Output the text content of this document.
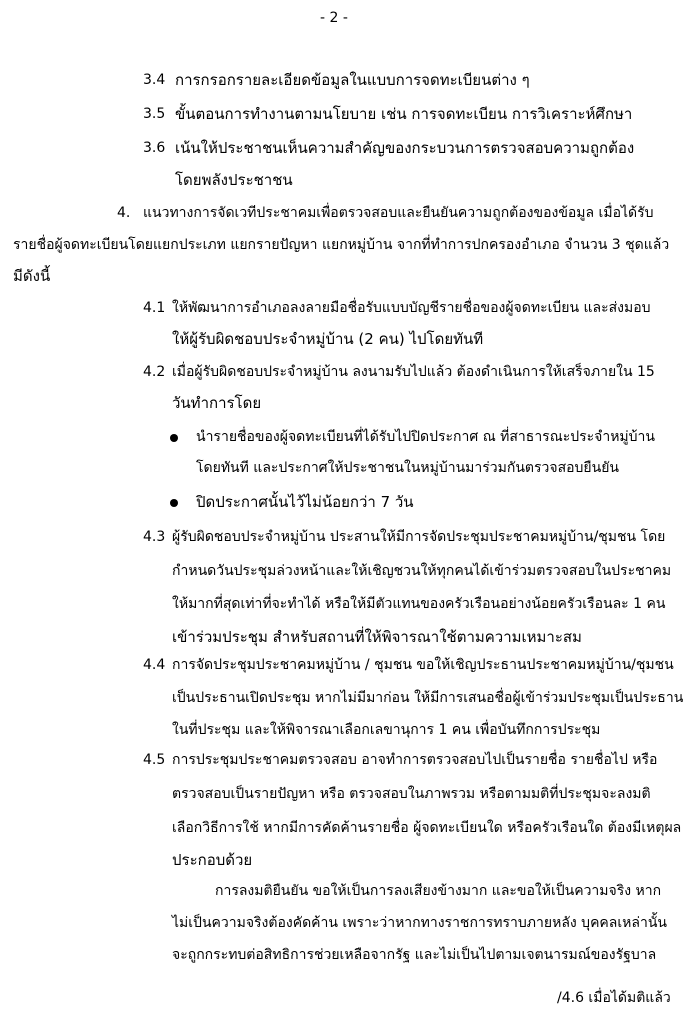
- 2 -
3.4 การกรอกรายละเอียดข้อมูลในแบบการจดทะเบียนต่าง ๆ
3.5 ขั้นตอนการทำงานตามนโยบาย เช่น การจดทะเบียน การวิเคราะห์ศึกษา
3.6 เน้นให้ประชาชนเห็นความสำคัญของกระบวนการตรวจสอบความถูกต้อง
โดยพลังประชาชน
4. แนวทางการจัดเวทีประชาคมเพื่อตรวจสอบและยืนยันความถูกต้องของข้อมูล เมื่อได้รับ
รายชื่อผู้จดทะเบียนโดยแยกประเภท แยกรายปัญหา แยกหมู่บ้าน จากที่ทำการปกครองอำเภอ จำนวน 3 ชุดแล้ว
มีดังนี้
4.1 ให้พัฒนาการอำเภอลงลายมือชื่อรับแบบบัญชีรายชื่อของผู้จดทะเบียน และส่งมอบ
ให้ผู้รับผิดชอบประจำหมู่บ้าน (2 คน) ไปโดยทันที
4.2 เมื่อผู้รับผิดชอบประจำหมู่บ้าน ลงนามรับไปแล้ว ต้องดำเนินการให้เสร็จภายใน 15
วันทำการโดย
นำรายชื่อของผู้จดทะเบียนที่ได้รับไปปิดประกาศ ณ ที่สาธารณะประจำหมู่บ้าน
โดยทันที และประกาศให้ประชาชนในหมู่บ้านมาร่วมกันตรวจสอบยืนยัน
ปิดประกาศนั้นไว้ไม่น้อยกว่า 7 วัน
4.3 ผู้รับผิดชอบประจำหมู่บ้าน ประสานให้มีการจัดประชุมประชาคมหมู่บ้าน/ชุมชน โดย
กำหนดวันประชุมล่วงหน้าและให้เชิญชวนให้ทุกคนได้เข้าร่วมตรวจสอบในประชาคม
ให้มากที่สุดเท่าที่จะทำได้ หรือให้มีตัวแทนของครัวเรือนอย่างน้อยครัวเรือนละ 1 คน
เข้าร่วมประชุม สำหรับสถานที่ให้พิจารณาใช้ตามความเหมาะสม
4.4 การจัดประชุมประชาคมหมู่บ้าน / ชุมชน ขอให้เชิญประธานประชาคมหมู่บ้าน/ชุมชน
เป็นประธานเปิดประชุม หากไม่มีมาก่อน ให้มีการเสนอชื่อผู้เข้าร่วมประชุมเป็นประธาน
ในที่ประชุม และให้พิจารณาเลือกเลขานุการ 1 คน เพื่อบันทึกการประชุม
4.5 การประชุมประชาคมตรวจสอบ อาจทำการตรวจสอบไปเป็นรายชื่อ รายชื่อไป หรือ
ตรวจสอบเป็นรายปัญหา หรือ ตรวจสอบในภาพรวม หรือตามมติที่ประชุมจะลงมติ
เลือกวิธีการใช้ หากมีการคัดค้านรายชื่อ ผู้จดทะเบียนใด หรือครัวเรือนใด ต้องมีเหตุผล
ประกอบด้วย
การลงมติยืนยัน ขอให้เป็นการลงเสียงข้างมาก และขอให้เป็นความจริง หาก
ไม่เป็นความจริงต้องคัดค้าน เพราะว่าหากทางราชการทราบภายหลัง บุคคลเหล่านั้น
จะถูกกระทบต่อสิทธิการช่วยเหลือจากรัฐ และไม่เป็นไปตามเจตนารมณ์ของรัฐบาล
/4.6 เมื่อได้มติแล้ว
